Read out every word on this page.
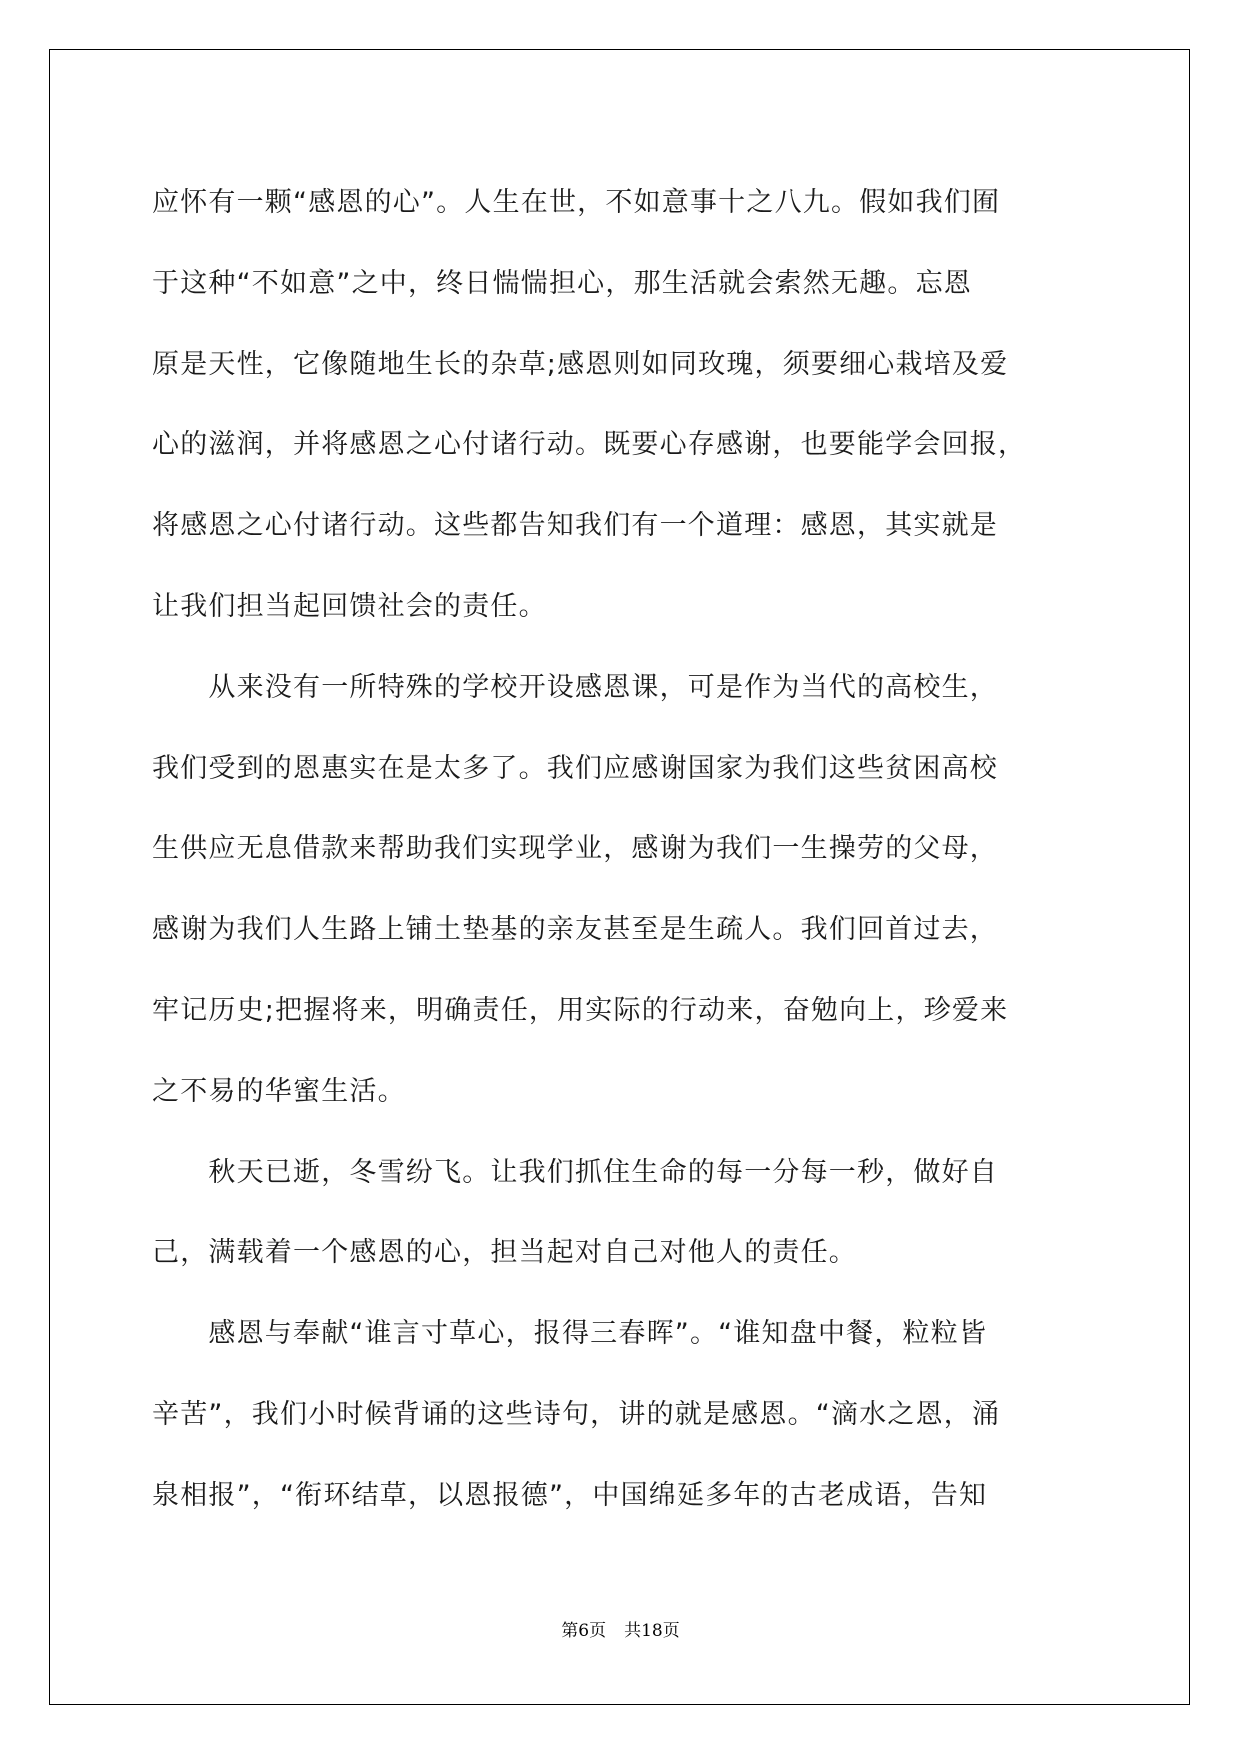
应怀有一颗“感恩的心”。人生在世，不如意事十之八九。假如我们囿
于这种“不如意”之中，终日惴惴担心，那生活就会索然无趣。忘恩
原是天性，它像随地生长的杂草;感恩则如同玫瑰，须要细心栽培及爱
心的滋润，并将感恩之心付诸行动。既要心存感谢，也要能学会回报，
将感恩之心付诸行动。这些都告知我们有一个道理：感恩，其实就是
让我们担当起回馈社会的责任。
　　从来没有一所特殊的学校开设感恩课，可是作为当代的高校生，
我们受到的恩惠实在是太多了。我们应感谢国家为我们这些贫困高校
生供应无息借款来帮助我们实现学业，感谢为我们一生操劳的父母，
感谢为我们人生路上铺土垫基的亲友甚至是生疏人。我们回首过去，
牢记历史;把握将来，明确责任，用实际的行动来，奋勉向上，珍爱来
之不易的华蜜生活。
　　秋天已逝，冬雪纷飞。让我们抓住生命的每一分每一秒，做好自
己，满载着一个感恩的心，担当起对自己对他人的责任。
　　感恩与奉献“谁言寸草心，报得三春晖”。“谁知盘中餐，粒粒皆
辛苦”，我们小时候背诵的这些诗句，讲的就是感恩。“滴水之恩，涌
泉相报”，“衔环结草，以恩报德”，中国绵延多年的古老成语，告知
第6页 共18页
